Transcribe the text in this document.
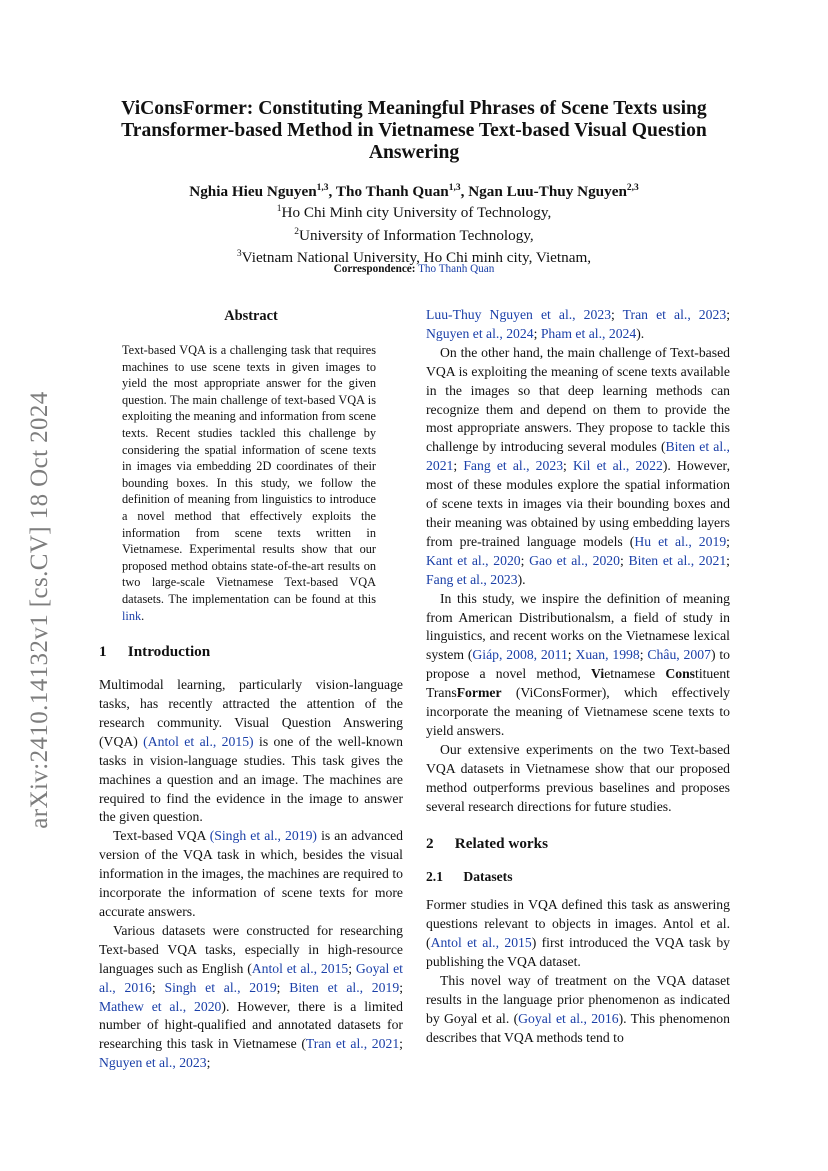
arXiv:2410.14132v1 [cs.CV] 18 Oct 2024
ViConsFormer: Constituting Meaningful Phrases of Scene Texts using Transformer-based Method in Vietnamese Text-based Visual Question Answering
Nghia Hieu Nguyen$^{1,3}$, Tho Thanh Quan$^{1,3}$, Ngan Luu-Thuy Nguyen$^{2,3}$
$^1$Ho Chi Minh city University of Technology,
$^2$University of Information Technology,
$^3$Vietnam National University, Ho Chi minh city, Vietnam,
Correspondence: Tho Thanh Quan
Abstract
Text-based VQA is a challenging task that requires machines to use scene texts in given images to yield the most appropriate answer for the given question. The main challenge of text-based VQA is exploiting the meaning and information from scene texts. Recent studies tackled this challenge by considering the spatial information of scene texts in images via embedding 2D coordinates of their bounding boxes. In this study, we follow the definition of meaning from linguistics to introduce a novel method that effectively exploits the information from scene texts written in Vietnamese. Experimental results show that our proposed method obtains state-of-the-art results on two large-scale Vietnamese Text-based VQA datasets. The implementation can be found at this link.
1 Introduction

Multimodal learning, particularly vision-language tasks, has recently attracted the attention of the research community. Visual Question Answering (VQA) (Antol et al., 2015) is one of the well-known tasks in vision-language studies. This task gives the machines a question and an image. The machines are required to find the evidence in the image to answer the given question.

Text-based VQA (Singh et al., 2019) is an advanced version of the VQA task in which, besides the visual information in the images, the machines are required to incorporate the information of scene texts for more accurate answers.

Various datasets were constructed for researching Text-based VQA tasks, especially in high-resource languages such as English (Antol et al., 2015; Goyal et al., 2016; Singh et al., 2019; Biten et al., 2019; Mathew et al., 2020). However, there is a limited number of hight-qualified and annotated datasets for researching this task in Vietnamese (Tran et al., 2021; Nguyen et al., 2023;

Luu-Thuy Nguyen et al., 2023; Tran et al., 2023; Nguyen et al., 2024; Pham et al., 2024).

On the other hand, the main challenge of Text-based VQA is exploiting the meaning of scene texts available in the images so that deep learning methods can recognize them and depend on them to provide the most appropriate answers. They propose to tackle this challenge by introducing several modules (Biten et al., 2021; Fang et al., 2023; Kil et al., 2022). However, most of these modules explore the spatial information of scene texts in images via their bounding boxes and their meaning was obtained by using embedding layers from pre-trained language models (Hu et al., 2019; Kant et al., 2020; Gao et al., 2020; Biten et al., 2021; Fang et al., 2023).

In this study, we inspire the definition of meaning from American Distributionalsm, a field of study in linguistics, and recent works on the Vietnamese lexical system (Giáp, 2008, 2011; Xuan, 1998; Châu, 2007) to propose a novel method, Vietnamese Constituent TransFormer (ViConsFormer), which effectively incorporate the meaning of Vietnamese scene texts to yield answers.

Our extensive experiments on the two Text-based VQA datasets in Vietnamese show that our proposed method outperforms previous baselines and proposes several research directions for future studies.

2 Related works
2.1 Datasets

Former studies in VQA defined this task as answering questions relevant to objects in images. Antol et al. (Antol et al., 2015) first introduced the VQA task by publishing the VQA dataset.

This novel way of treatment on the VQA dataset results in the language prior phenomenon as indicated by Goyal et al. (Goyal et al., 2016). This phenomenon describes that VQA methods tend to
